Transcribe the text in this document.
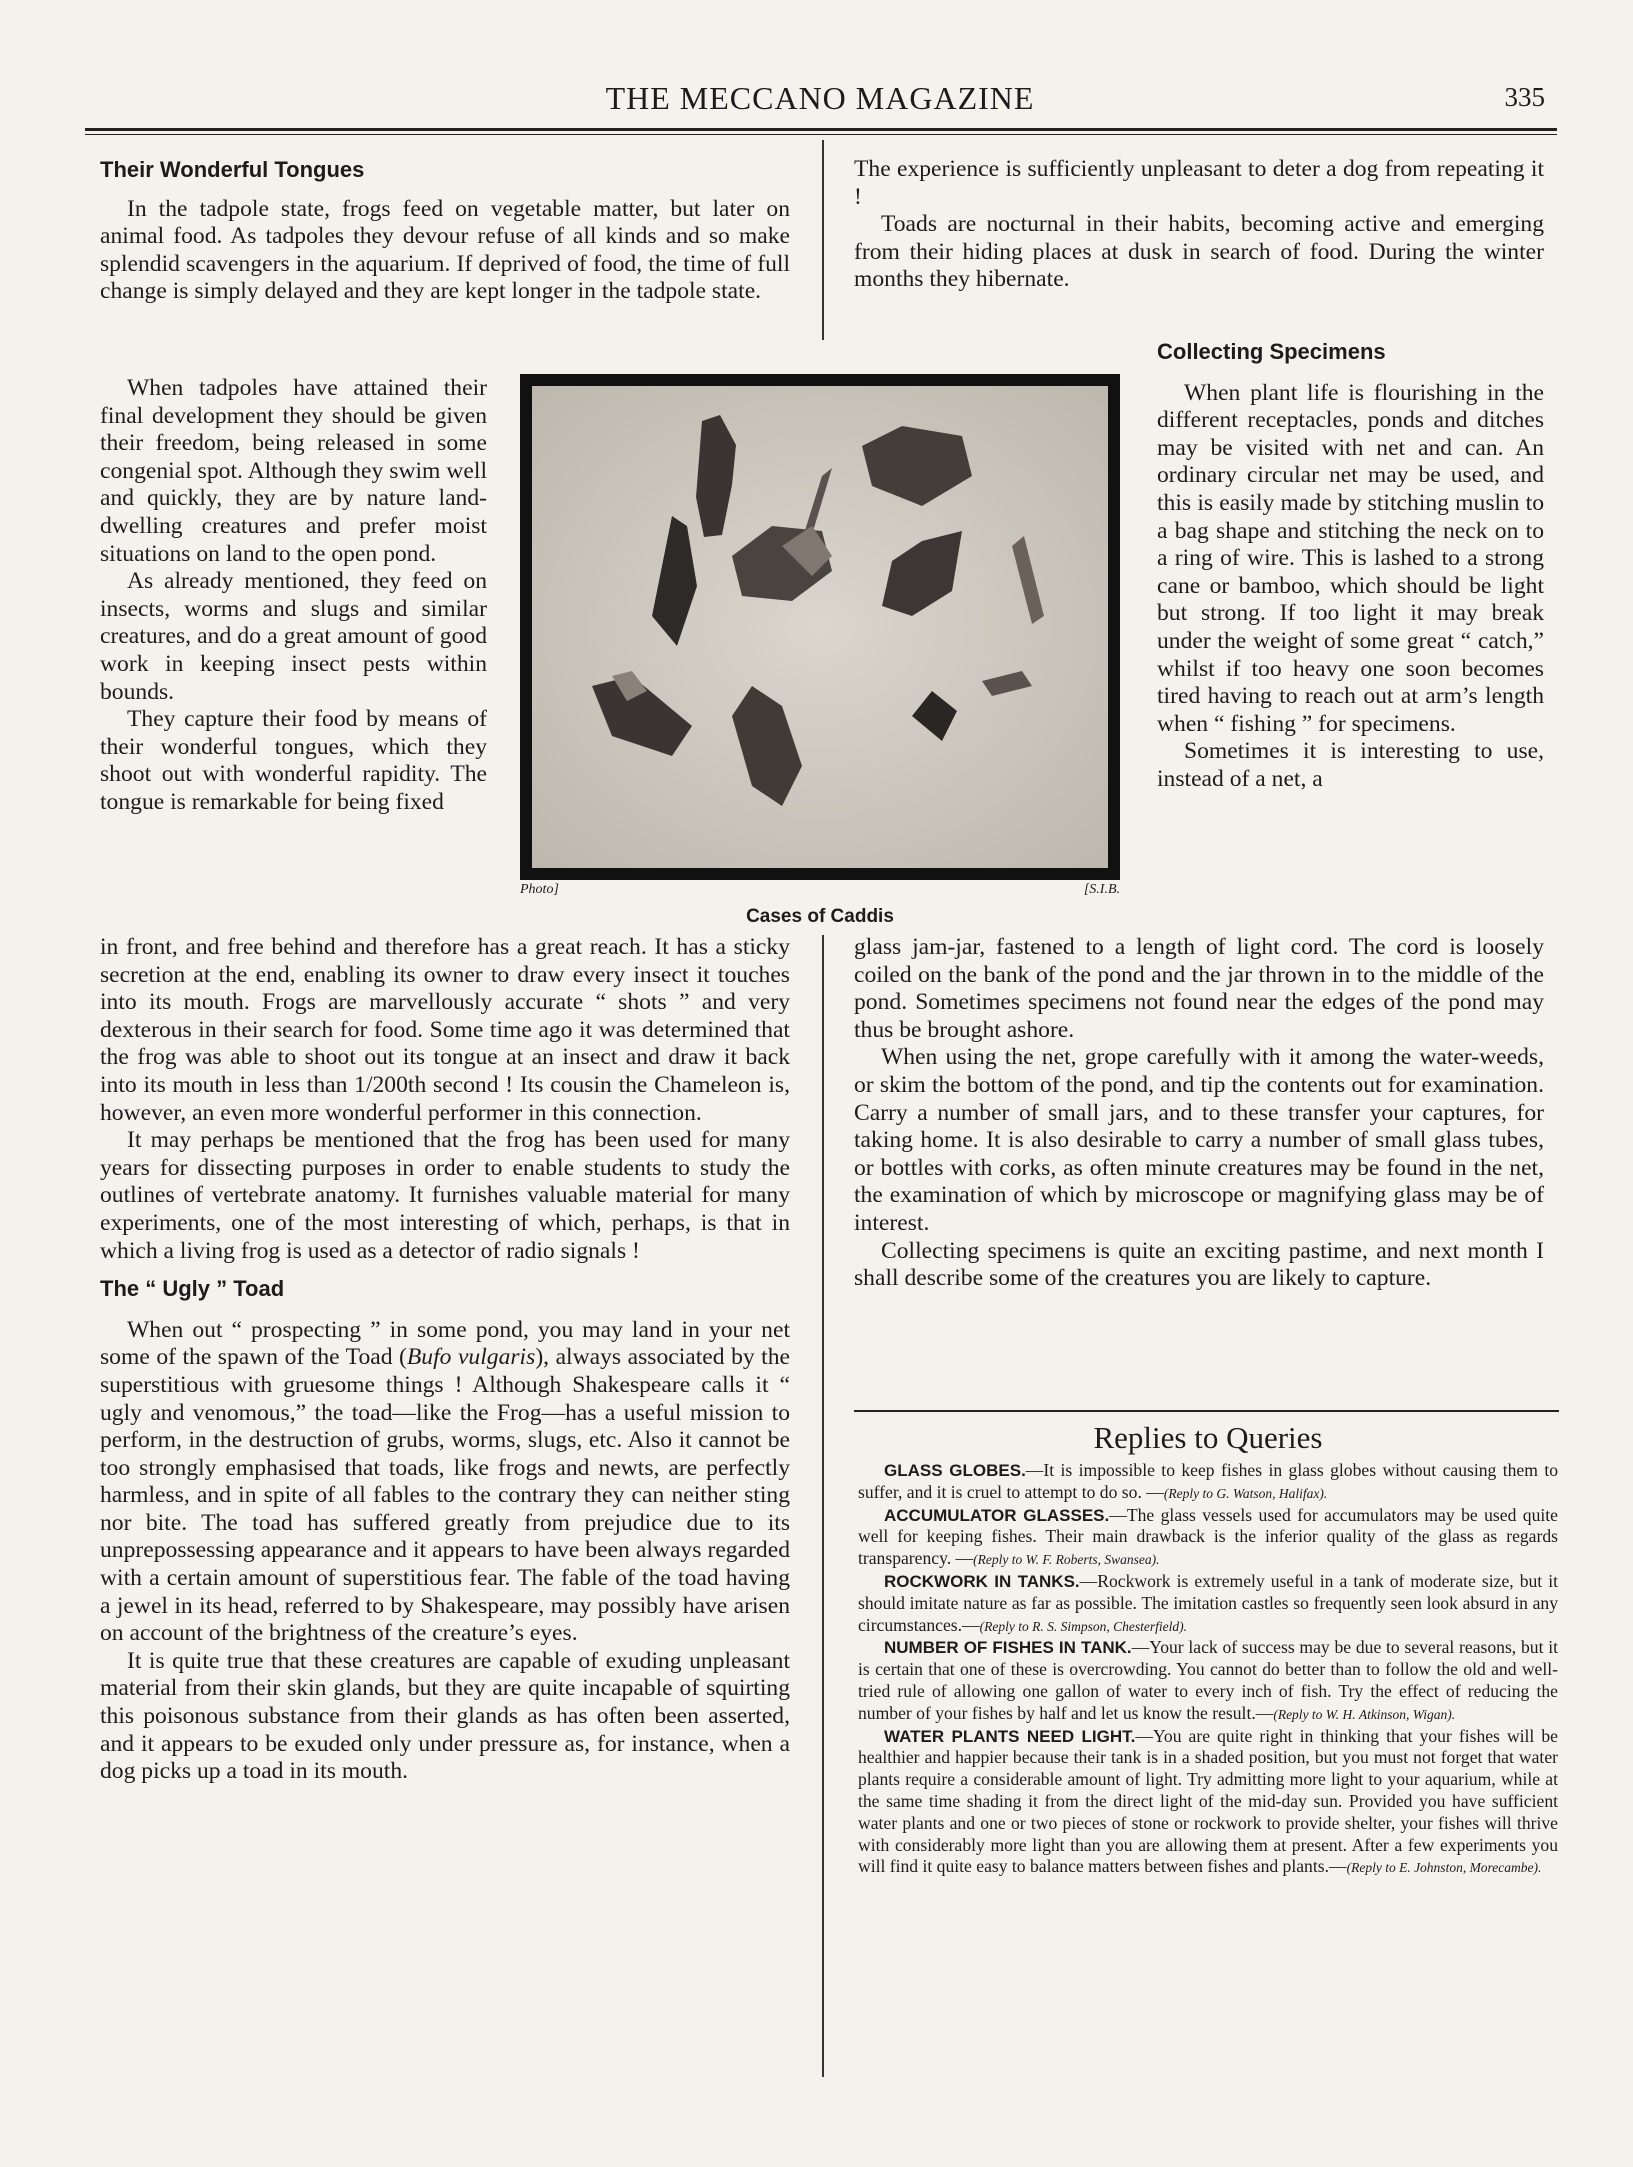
THE MECCANO MAGAZINE	335

Their Wonderful Tongues

In the tadpole state, frogs feed on vegetable matter, but later on animal food. As tadpoles they devour refuse of all kinds and so make splendid scavengers in the aquarium. If deprived of food, the time of full change is simply delayed and they are kept longer in the tadpole state.

When tadpoles have attained their final development they should be given their freedom, being released in some congenial spot. Although they swim well and quickly, they are by nature land-dwelling creatures and prefer moist situations on land to the open pond.

As already mentioned, they feed on insects, worms and slugs and similar creatures, and do a great amount of good work in keeping insect pests within bounds.

They capture their food by means of their wonderful tongues, which they shoot out with wonderful rapidity. The tongue is remarkable for being fixed

in front, and free behind and therefore has a great reach. It has a sticky secretion at the end, enabling its owner to draw every insect it touches into its mouth. Frogs are marvellously accurate “ shots ” and very dexterous in their search for food. Some time ago it was determined that the frog was able to shoot out its tongue at an insect and draw it back into its mouth in less than 1/200th second ! Its cousin the Chameleon is, however, an even more wonderful performer in this connection.

It may perhaps be mentioned that the frog has been used for many years for dissecting purposes in order to enable students to study the outlines of vertebrate anatomy. It furnishes valuable material for many experiments, one of the most interesting of which, perhaps, is that in which a living frog is used as a detector of radio signals !

The “ Ugly ” Toad

When out “ prospecting ” in some pond, you may land in your net some of the spawn of the Toad (Bufo vulgaris), always associated by the superstitious with gruesome things ! Although Shakespeare calls it “ ugly and venomous,” the toad—like the Frog—has a useful mission to perform, in the destruction of grubs, worms, slugs, etc. Also it cannot be too strongly emphasised that toads, like frogs and newts, are perfectly harmless, and in spite of all fables to the contrary they can neither sting nor bite. The toad has suffered greatly from prejudice due to its unprepossessing appearance and it appears to have been always regarded with a certain amount of superstitious fear. The fable of the toad having a jewel in its head, referred to by Shakespeare, may possibly have arisen on account of the brightness of the creature’s eyes.

It is quite true that these creatures are capable of exuding unpleasant material from their skin glands, but they are quite incapable of squirting this poisonous substance from their glands as has often been asserted, and it appears to be exuded only under pressure as, for instance, when a dog picks up a toad in its mouth.

Photo]	[S.I.B.
Cases of Caddis

The experience is sufficiently unpleasant to deter a dog from repeating it !

Toads are nocturnal in their habits, becoming active and emerging from their hiding places at dusk in search of food. During the winter months they hibernate.

Collecting Specimens

When plant life is flourishing in the different receptacles, ponds and ditches may be visited with net and can. An ordinary circular net may be used, and this is easily made by stitching muslin to a bag shape and stitching the neck on to a ring of wire. This is lashed to a strong cane or bamboo, which should be light but strong. If too light it may break under the weight of some great “ catch,” whilst if too heavy one soon becomes tired having to reach out at arm’s length when “ fishing ” for specimens.

Sometimes it is interesting to use, instead of a net, a

glass jam-jar, fastened to a length of light cord. The cord is loosely coiled on the bank of the pond and the jar thrown in to the middle of the pond. Sometimes specimens not found near the edges of the pond may thus be brought ashore.

When using the net, grope carefully with it among the water-weeds, or skim the bottom of the pond, and tip the contents out for examination. Carry a number of small jars, and to these transfer your captures, for taking home. It is also desirable to carry a number of small glass tubes, or bottles with corks, as often minute creatures may be found in the net, the examination of which by microscope or magnifying glass may be of interest.

Collecting specimens is quite an exciting pastime, and next month I shall describe some of the creatures you are likely to capture.

Replies to Queries

GLASS GLOBES.—It is impossible to keep fishes in glass globes without causing them to suffer, and it is cruel to attempt to do so. —(Reply to G. Watson, Halifax).

ACCUMULATOR GLASSES.—The glass vessels used for accumulators may be used quite well for keeping fishes. Their main drawback is the inferior quality of the glass as regards transparency. —(Reply to W. F. Roberts, Swansea).

ROCKWORK IN TANKS.—Rockwork is extremely useful in a tank of moderate size, but it should imitate nature as far as possible. The imitation castles so frequently seen look absurd in any circumstances.—(Reply to R. S. Simpson, Chesterfield).

NUMBER OF FISHES IN TANK.—Your lack of success may be due to several reasons, but it is certain that one of these is overcrowding. You cannot do better than to follow the old and well-tried rule of allowing one gallon of water to every inch of fish. Try the effect of reducing the number of your fishes by half and let us know the result.—(Reply to W. H. Atkinson, Wigan).

WATER PLANTS NEED LIGHT.—You are quite right in thinking that your fishes will be healthier and happier because their tank is in a shaded position, but you must not forget that water plants require a considerable amount of light. Try admitting more light to your aquarium, while at the same time shading it from the direct light of the mid-day sun. Provided you have sufficient water plants and one or two pieces of stone or rockwork to provide shelter, your fishes will thrive with considerably more light than you are allowing them at present. After a few experiments you will find it quite easy to balance matters between fishes and plants.—(Reply to E. Johnston, Morecambe).
